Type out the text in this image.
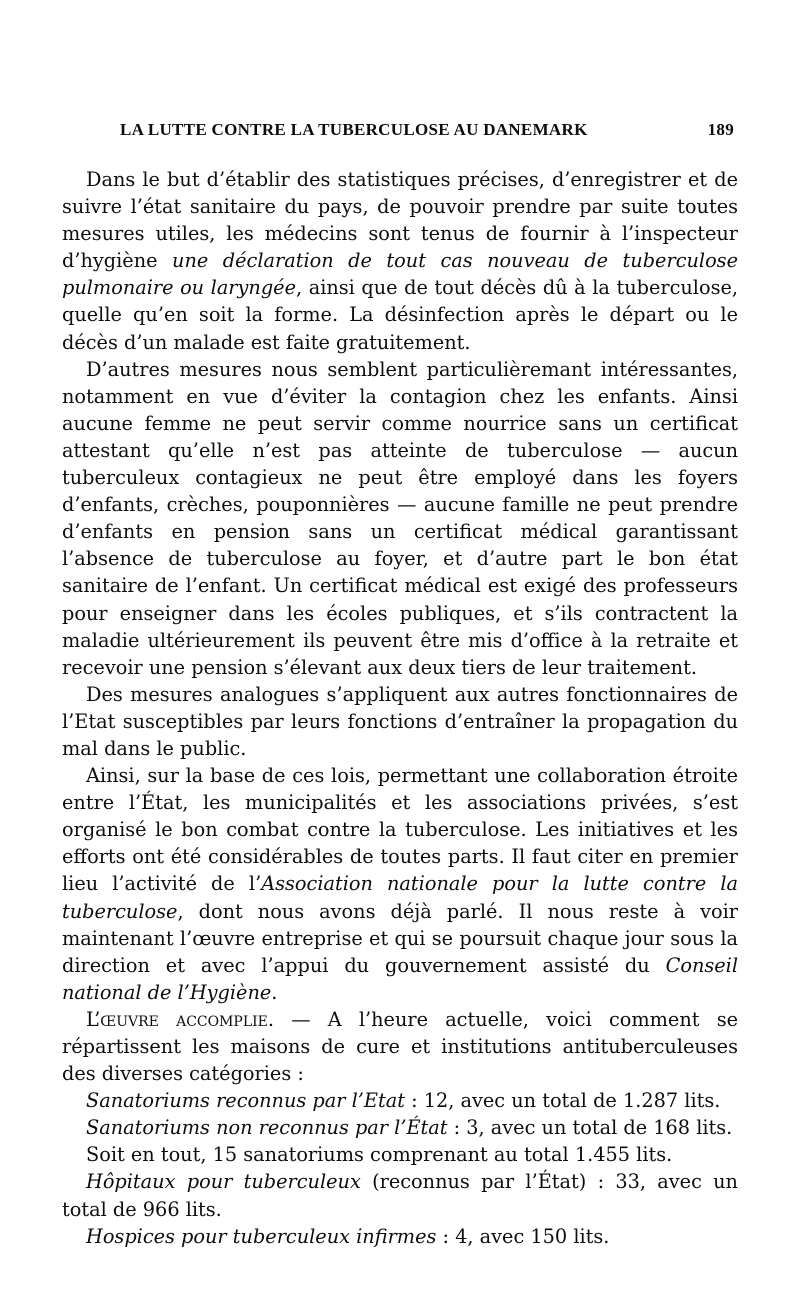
LA LUTTE CONTRE LA TUBERCULOSE AU DANEMARK	189

Dans le but d’établir des statistiques précises, d’enregistrer et de suivre l’état sanitaire du pays, de pouvoir prendre par suite toutes mesures utiles, les médecins sont tenus de fournir à l’inspecteur d’hygiène une déclaration de tout cas nouveau de tuberculose pulmonaire ou laryngée, ainsi que de tout décès dû à la tuberculose, quelle qu’en soit la forme. La désinfection après le départ ou le décès d’un malade est faite gratuitement.

D’autres mesures nous semblent particulièremant intéressantes, notamment en vue d’éviter la contagion chez les enfants. Ainsi aucune femme ne peut servir comme nourrice sans un certificat attestant qu’elle n’est pas atteinte de tuberculose — aucun tuberculeux contagieux ne peut être employé dans les foyers d’enfants, crèches, pouponnières — aucune famille ne peut prendre d’enfants en pension sans un certificat médical garantissant l’absence de tuberculose au foyer, et d’autre part le bon état sanitaire de l’enfant. Un certificat médical est exigé des professeurs pour enseigner dans les écoles publiques, et s’ils contractent la maladie ultérieurement ils peuvent être mis d’office à la retraite et recevoir une pension s’élevant aux deux tiers de leur traitement.

Des mesures analogues s’appliquent aux autres fonctionnaires de l’Etat susceptibles par leurs fonctions d’entraîner la propagation du mal dans le public.

Ainsi, sur la base de ces lois, permettant une collaboration étroite entre l’État, les municipalités et les associations privées, s’est organisé le bon combat contre la tuberculose. Les initiatives et les efforts ont été considérables de toutes parts. Il faut citer en premier lieu l’activité de l’Association nationale pour la lutte contre la tuberculose, dont nous avons déjà parlé. Il nous reste à voir maintenant l’œuvre entreprise et qui se poursuit chaque jour sous la direction et avec l’appui du gouvernement assisté du Conseil national de l’Hygiène.

L’œuvre accomplie. — A l’heure actuelle, voici comment se répartissent les maisons de cure et institutions antituberculeuses des diverses catégories :

Sanatoriums reconnus par l’Etat : 12, avec un total de 1.287 lits.

Sanatoriums non reconnus par l’État : 3, avec un total de 168 lits.

Soit en tout, 15 sanatoriums comprenant au total 1.455 lits.

Hôpitaux pour tuberculeux (reconnus par l’État) : 33, avec un total de 966 lits.

Hospices pour tuberculeux infirmes : 4, avec 150 lits.
